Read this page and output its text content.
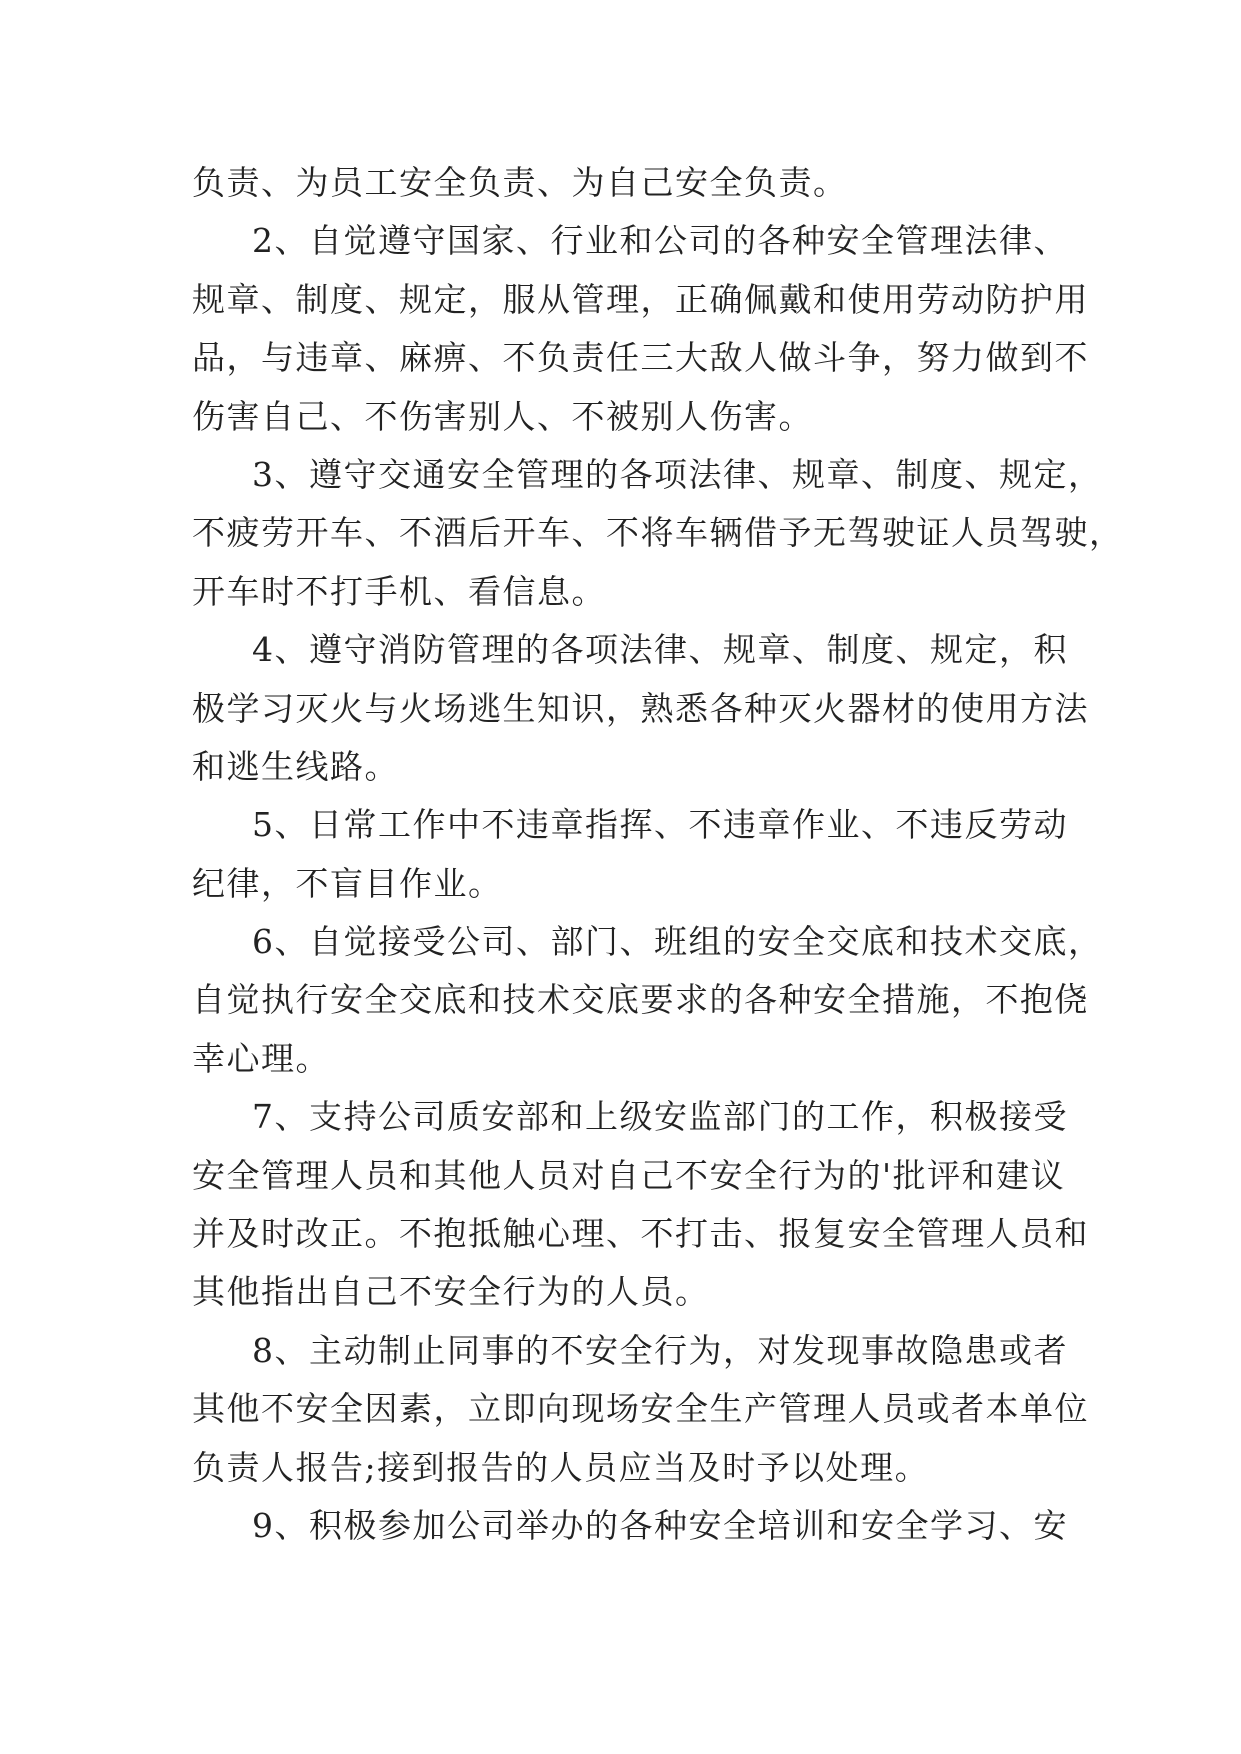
负责、为员工安全负责、为自己安全负责。
2、自觉遵守国家、行业和公司的各种安全管理法律、
规章、制度、规定，服从管理，正确佩戴和使用劳动防护用
品，与违章、麻痹、不负责任三大敌人做斗争，努力做到不
伤害自己、不伤害别人、不被别人伤害。
3、遵守交通安全管理的各项法律、规章、制度、规定，
不疲劳开车、不酒后开车、不将车辆借予无驾驶证人员驾驶，
开车时不打手机、看信息。
4、遵守消防管理的各项法律、规章、制度、规定，积
极学习灭火与火场逃生知识，熟悉各种灭火器材的使用方法
和逃生线路。
5、日常工作中不违章指挥、不违章作业、不违反劳动
纪律，不盲目作业。
6、自觉接受公司、部门、班组的安全交底和技术交底，
自觉执行安全交底和技术交底要求的各种安全措施，不抱侥
幸心理。
7、支持公司质安部和上级安监部门的工作，积极接受
安全管理人员和其他人员对自己不安全行为的'批评和建议
并及时改正。不抱抵触心理、不打击、报复安全管理人员和
其他指出自己不安全行为的人员。
8、主动制止同事的不安全行为，对发现事故隐患或者
其他不安全因素，立即向现场安全生产管理人员或者本单位
负责人报告;接到报告的人员应当及时予以处理。
9、积极参加公司举办的各种安全培训和安全学习、安
